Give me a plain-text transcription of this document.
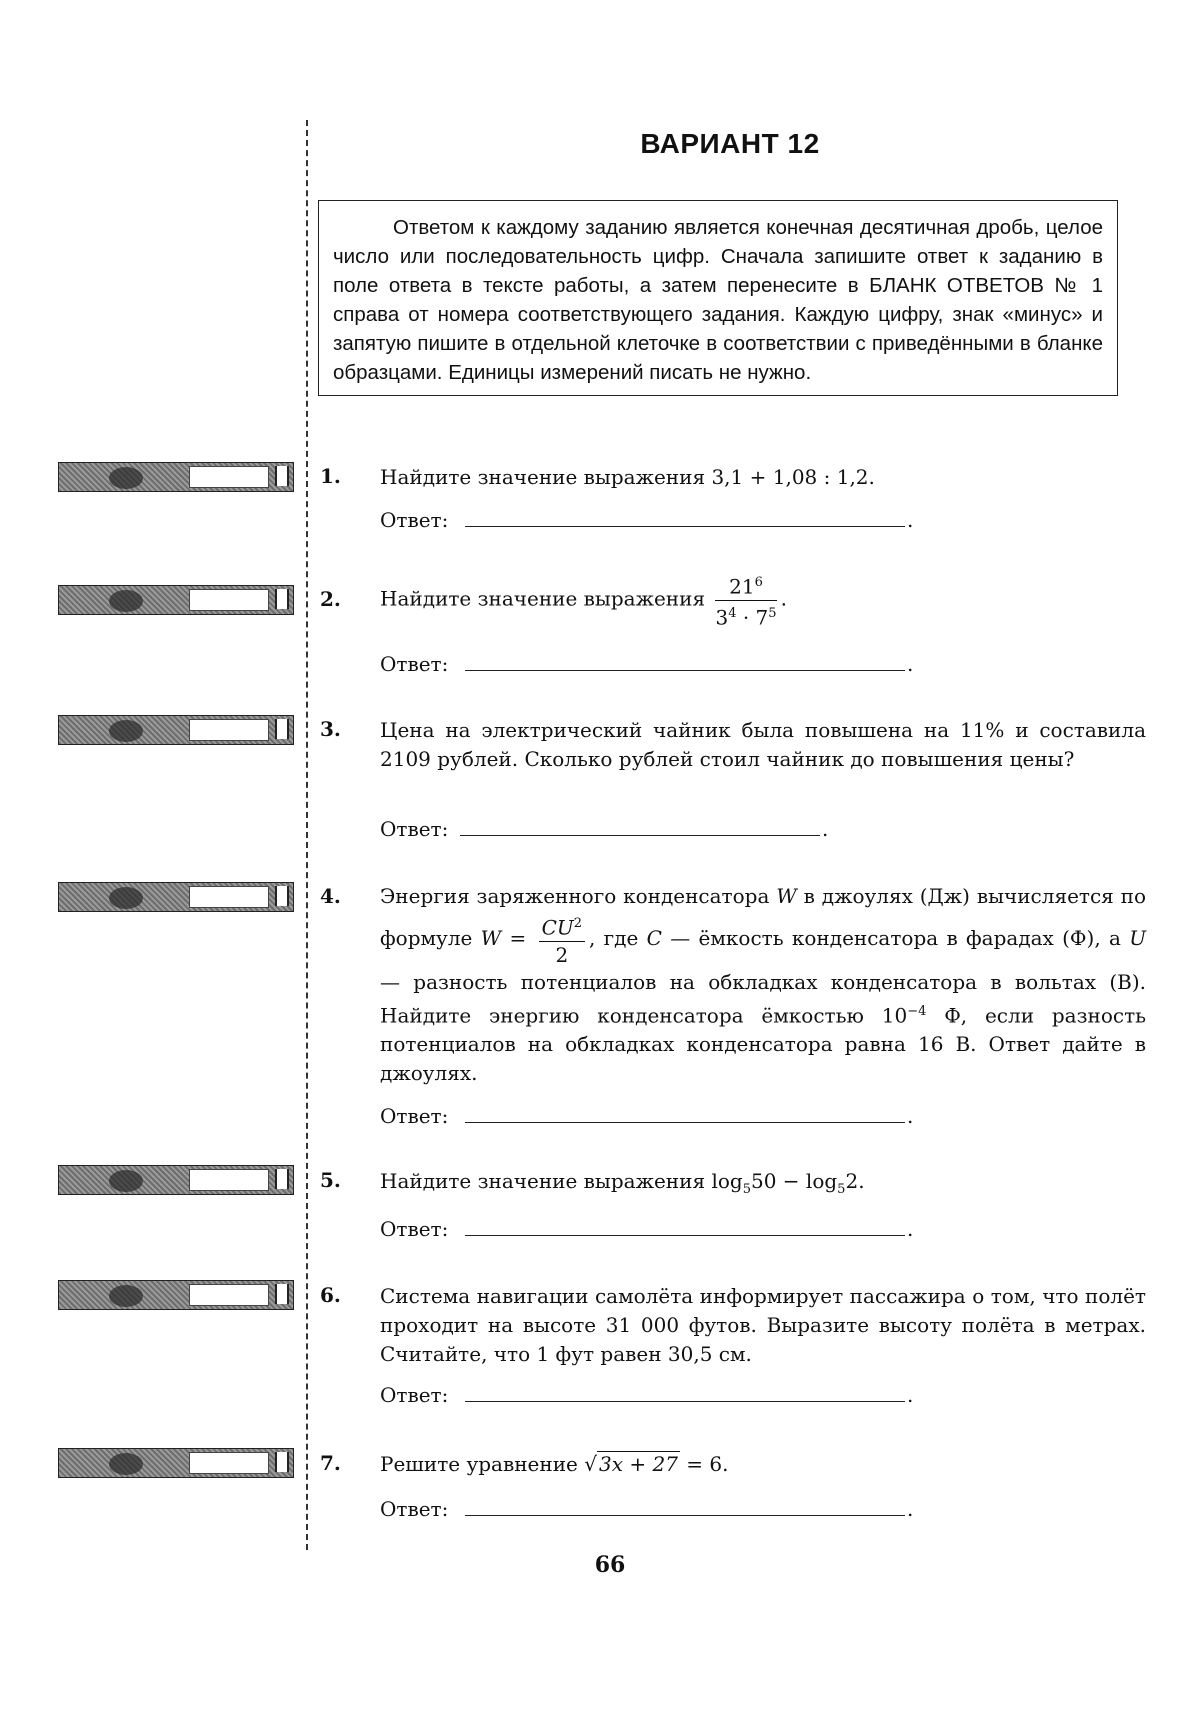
ВАРИАНТ 12

Ответом к каждому заданию является конечная десятичная дробь, целое число или последовательность цифр. Сначала запишите ответ к заданию в поле ответа в тексте работы, а затем перенесите в БЛАНК ОТВЕТОВ № 1 справа от номера соответствующего задания. Каждую цифру, знак «минус» и запятую пишите в отдельной клеточке в соответствии с приведёнными в бланке образцами. Единицы измерений писать не нужно.

1. Найдите значение выражения 3,1 + 1,08 : 1,2.
Ответ:	.
2. Найдите значение выражения $\frac{21^6}{3^4 \cdot 7^5}$ .
Ответ:	.
3. Цена на электрический чайник была повышена на 11% и составила 2109 рублей. Сколько рублей стоил чайник до повышения цены?
Ответ:	.
4. Энергия заряженного конденсатора W в джоулях (Дж) вычисляется по формуле $W = \frac{CU^2}{2}$ , где C — ёмкость конденсатора в фарадах (Ф), а U — разность потенциалов на обкладках конденсатора в вольтах (В). Найдите энергию конденсатора ёмкостью $10^{-4}$ Ф, если разность потенциалов на обкладках конденсатора равна 16 В. Ответ дайте в джоулях.
Ответ:	.
5. Найдите значение выражения $\log_550 - \log_52$.
Ответ:	.
6. Система навигации самолёта информирует пассажира о том, что полёт проходит на высоте 31 000 футов. Выразите высоту полёта в метрах. Считайте, что 1 фут равен 30,5 см.
Ответ:	.
7. Решите уравнение √ 3x + 27 = 6.
Ответ:	.
66
